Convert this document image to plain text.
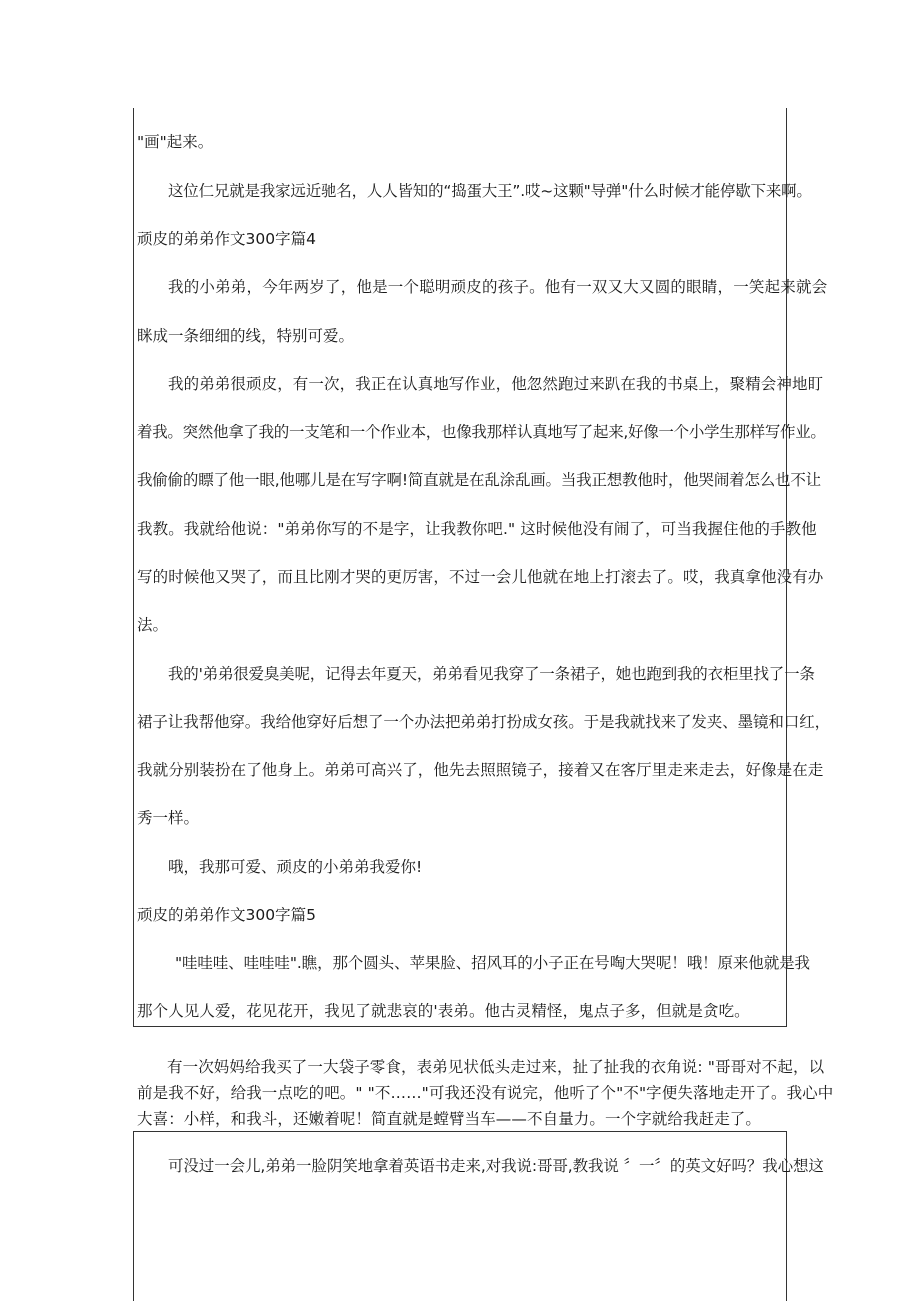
"画"起来。
这位仁兄就是我家远近驰名，人人皆知的“捣蛋大王”.哎~这颗"导弹"什么时候才能停歇下来啊。
顽皮的弟弟作文300字篇4
我的小弟弟，今年两岁了，他是一个聪明顽皮的孩子。他有一双又大又圆的眼睛，一笑起来就会
眯成一条细细的线，特别可爱。
我的弟弟很顽皮，有一次，我正在认真地写作业，他忽然跑过来趴在我的书桌上，聚精会神地盯
着我。突然他拿了我的一支笔和一个作业本，也像我那样认真地写了起来,好像一个小学生那样写作业。
我偷偷的瞟了他一眼,他哪儿是在写字啊!简直就是在乱涂乱画。当我正想教他时，他哭闹着怎么也不让
我教。我就给他说："弟弟你写的不是字，让我教你吧." 这时候他没有闹了，可当我握住他的手教他
写的时候他又哭了，而且比刚才哭的更厉害，不过一会儿他就在地上打滚去了。哎，我真拿他没有办
法。
我的'弟弟很爱臭美呢，记得去年夏天，弟弟看见我穿了一条裙子，她也跑到我的衣柜里找了一条
裙子让我帮他穿。我给他穿好后想了一个办法把弟弟打扮成女孩。于是我就找来了发夹、墨镜和口红，
我就分别装扮在了他身上。弟弟可高兴了，他先去照照镜子，接着又在客厅里走来走去，好像是在走
秀一样。
哦，我那可爱、顽皮的小弟弟我爱你!
顽皮的弟弟作文300字篇5
"哇哇哇、哇哇哇".瞧，那个圆头、苹果脸、招风耳的小子正在号啕大哭呢！哦！原来他就是我
那个人见人爱，花见花开，我见了就悲哀的'表弟。他古灵精怪，鬼点子多，但就是贪吃。
有一次妈妈给我买了一大袋子零食，表弟见状低头走过来，扯了扯我的衣角说: "哥哥对不起，以
前是我不好，给我一点吃的吧。" "不……"可我还没有说完，他听了个"不"字便失落地走开了。我心中
大喜：小样，和我斗，还嫩着呢！简直就是螳臂当车——不自量力。一个字就给我赶走了。
可没过一会儿,弟弟一脸阴笑地拿着英语书走来,对我说:哥哥,教我说 〞一〞的英文好吗？我心想这
